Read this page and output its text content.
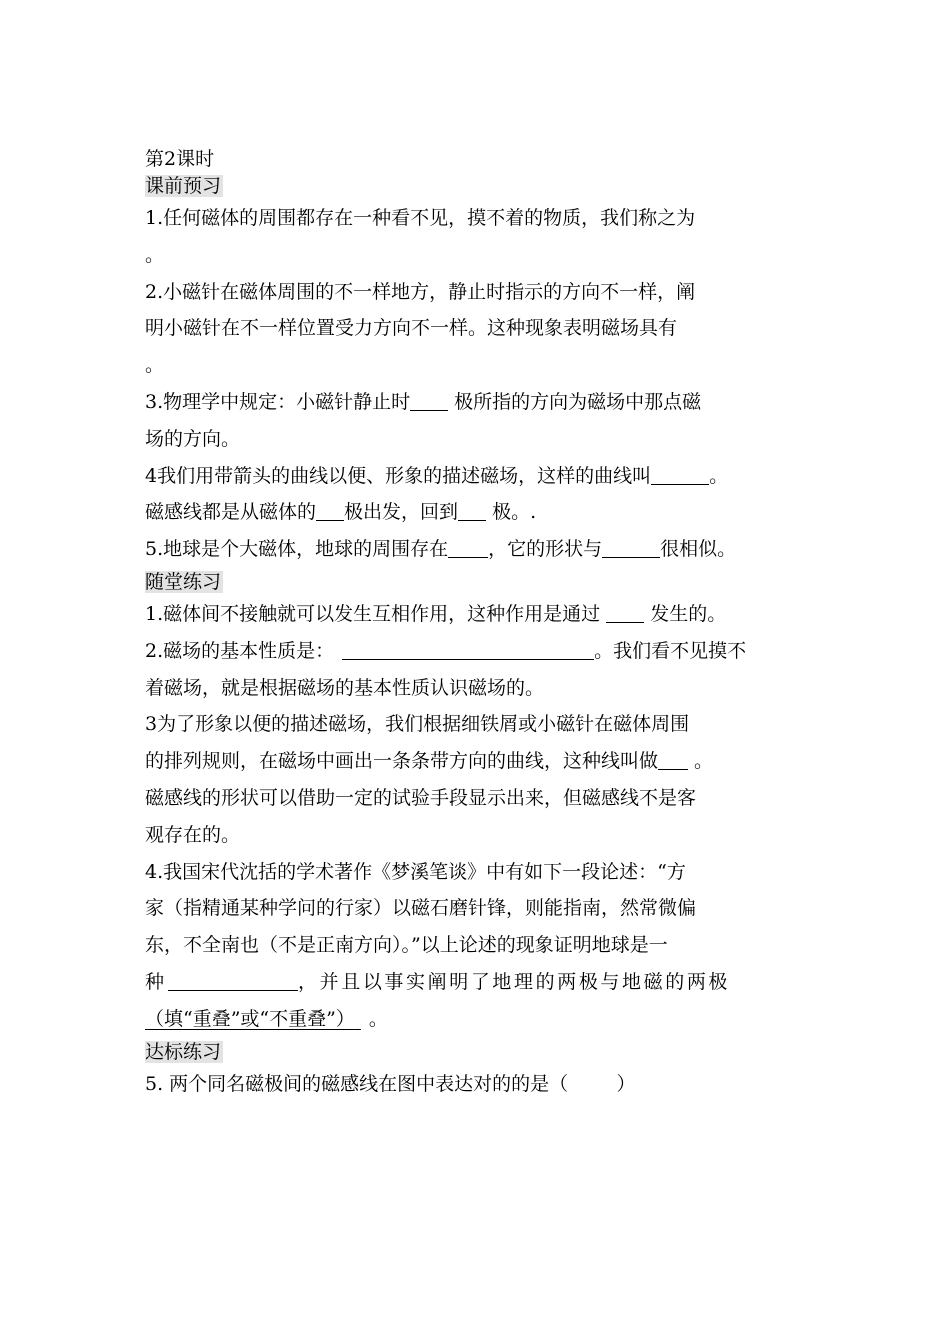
第2课时
课前预习
1.任何磁体的周围都存在一种看不见，摸不着的物质，我们称之为
。
2.小磁针在磁体周围的不一样地方，静止时指示的方向不一样，阐
明小磁针在不一样位置受力方向不一样。这种现象表明磁场具有
。
3.物理学中规定：小磁针静止时 极所指的方向为磁场中那点磁
场的方向。
4我们用带箭头的曲线以便、形象的描述磁场，这样的曲线叫	。
磁感线都是从磁体的 极出发，回到 极。.
5.地球是个大磁体，地球的周围存在 ，它的形状与	很相似。
随堂练习
1.磁体间不接触就可以发生互相作用，这种作用是通过  发生的。
2.磁场的基本性质是：	。我们看不见摸不
着磁场，就是根据磁场的基本性质认识磁场的。
3为了形象以便的描述磁场，我们根据细铁屑或小磁针在磁体周围
的排列规则，在磁场中画出一条条带方向的曲线，这种线叫做 。
磁感线的形状可以借助一定的试验手段显示出来，但磁感线不是客
观存在的。
4.我国宋代沈括的学术著作《梦溪笔谈》中有如下一段论述：“方
家（指精通某种学问的行家）以磁石磨针锋，则能指南，然常微偏
东，不全南也（不是正南方向）。”以上论述的现象证明地球是一
种	，并且以事实阐明了地理的两极与地磁的两极
（填“重叠”或“不重叠”） 。
达标练习
5. 两个同名磁极间的磁感线在图中表达对的的是（        ）
